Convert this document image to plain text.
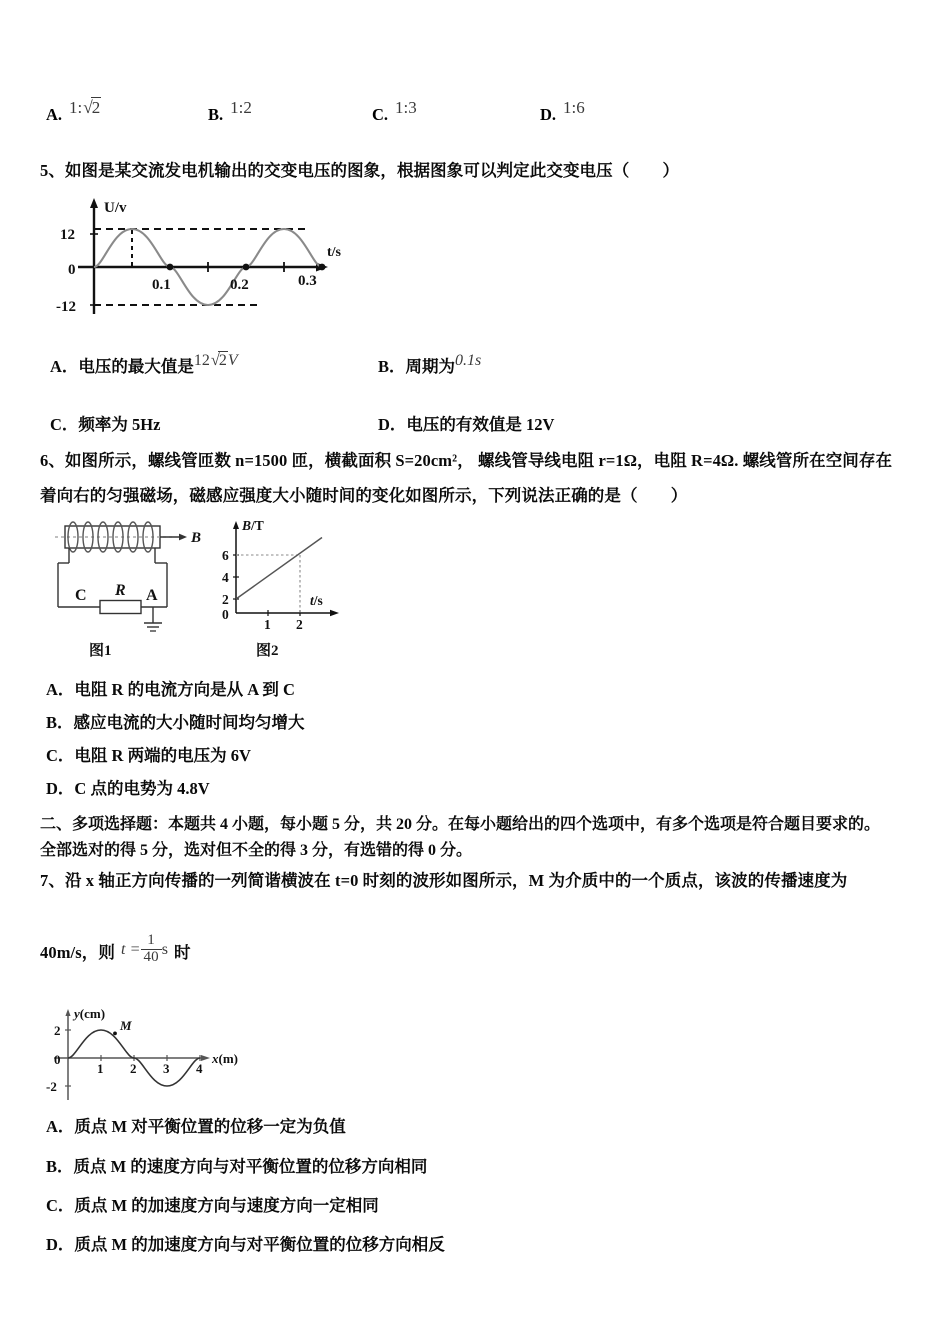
A. 1:√2	B. 1:2	C. 1:3	D. 1:6
5、如图是某交流发电机输出的交变电压的图象，根据图象可以判定此交变电压（　　）
U/v
12
0
-12
t/s
0.1	0.2	0.3
A．电压的最大值是12√2V	B．周期为0.1s
C．频率为 5Hz	D．电压的有效值是 12V
6、如图所示，螺线管匝数 n=1500 匝，横截面积 S=20cm²， 螺线管导线电阻 r=1Ω，电阻 R=4Ω. 螺线管所在空间存在
着向右的匀强磁场，磁感应强度大小随时间的变化如图所示，下列说法正确的是（　　）
B
C R A
图1
B/T
2
4
6
0
1 2
t/s
图2
A．电阻 R 的电流方向是从 A 到 C
B．感应电流的大小随时间均匀增大
C．电阻 R 两端的电压为 6V
D．C 点的电势为 4.8V
二、多项选择题：本题共 4 小题，每小题 5 分，共 20 分。在每小题给出的四个选项中，有多个选项是符合题目要求的。
全部选对的得 5 分，选对但不全的得 3 分，有选错的得 0 分。
7、沿 x 轴正方向传播的一列简谐横波在 t=0 时刻的波形如图所示，M 为介质中的一个质点，该波的传播速度为
40m/s，则 $t = \frac{1}{40}$ s 时
M
y(cm)
2
0
-2
1 2 3 4
x(m)
A．质点 M 对平衡位置的位移一定为负值
B．质点 M 的速度方向与对平衡位置的位移方向相同
C．质点 M 的加速度方向与速度方向一定相同
D．质点 M 的加速度方向与对平衡位置的位移方向相反
